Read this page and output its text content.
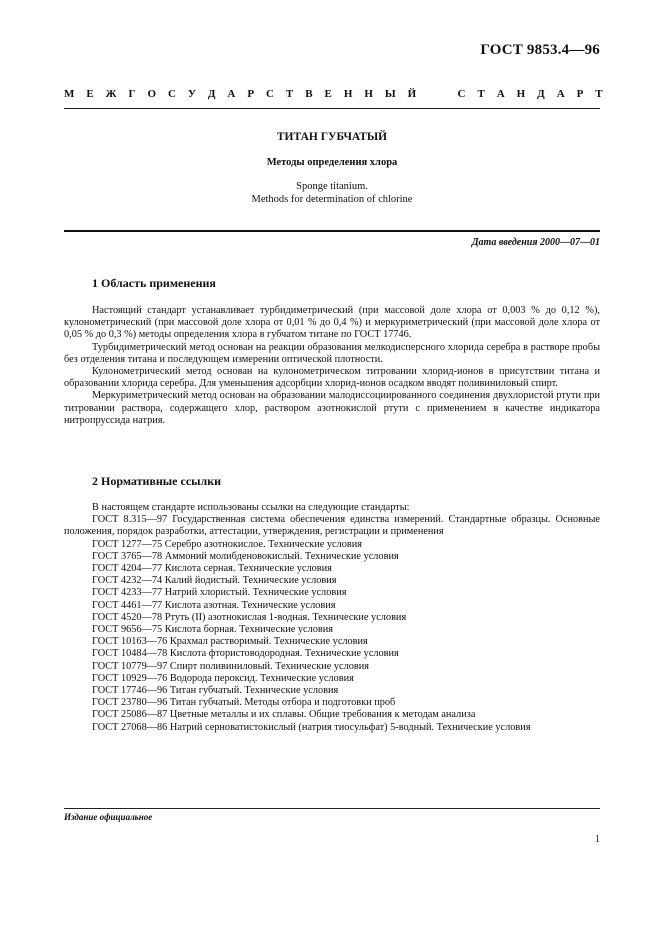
ГОСТ 9853.4—96
М Е Ж Г О С У Д А Р С Т В Е Н Н Ы Й

	С Т А Н Д А Р Т
ТИТАН ГУБЧАТЫЙ
Методы определения хлора
Sponge titanium.
Methods for determination of chlorine
Дата введения 2000—07—01
1 Область применения

Настоящий стандарт устанавливает турбидиметрический (при массовой доле хлора от 0,003 % до 0,12 %), кулонометрический (при массовой доле хлора от 0,01 % до 0,4 %) и меркуриметрический (при массовой доле хлора от 0,05 % до 0,3 %) методы определения хлора в губчатом титане по ГОСТ 17746.

Турбидиметрический метод основан на реакции образования мелкодисперсного хлорида серебра в растворе пробы без отделения титана и последующем измерении оптической плотности.

Кулонометрический метод основан на кулонометрическом титровании хлорид-ионов в присутствии титана и образовании хлорида серебра. Для уменьшения адсорбции хлорид-ионов осадком вводят поливиниловый спирт.

Меркуриметрический метод основан на образовании малодиссоциированного соединения двухлористой ртути при титровании раствора, содержащего хлор, раствором азотнокислой ртути с применением в качестве индикатора нитропруссида натрия.

2 Нормативные ссылки

В настоящем стандарте использованы ссылки на следующие стандарты:

ГОСТ 8.315—97 Государственная система обеспечения единства измерений. Стандартные образцы. Основные положения, порядок разработки, аттестации, утверждения, регистрации и применения

ГОСТ 1277—75 Серебро азотнокислое. Технические условия

ГОСТ 3765—78 Аммоний молибденовокислый. Технические условия

ГОСТ 4204—77 Кислота серная. Технические условия

ГОСТ 4232—74 Калий йодистый. Технические условия

ГОСТ 4233—77 Натрий хлористый. Технические условия

ГОСТ 4461—77 Кислота азотная. Технические условия

ГОСТ 4520—78 Ртуть (II) азотнокислая 1-водная. Технические условия

ГОСТ 9656—75 Кислота борная. Технические условия

ГОСТ 10163—76 Крахмал растворимый. Технические условия

ГОСТ 10484—78 Кислота фтористоводородная. Технические условия

ГОСТ 10779—97 Спирт поливиниловый. Технические условия

ГОСТ 10929—76 Водорода пероксид. Технические условия

ГОСТ 17746—96 Титан губчатый. Технические условия

ГОСТ 23780—96 Титан губчатый. Методы отбора и подготовки проб

ГОСТ 25086—87 Цветные металлы и их сплавы. Общие требования к методам анализа

ГОСТ 27068—86 Натрий серноватистокислый (натрия тиосульфат) 5-водный. Технические условия

Издание официальное
1
